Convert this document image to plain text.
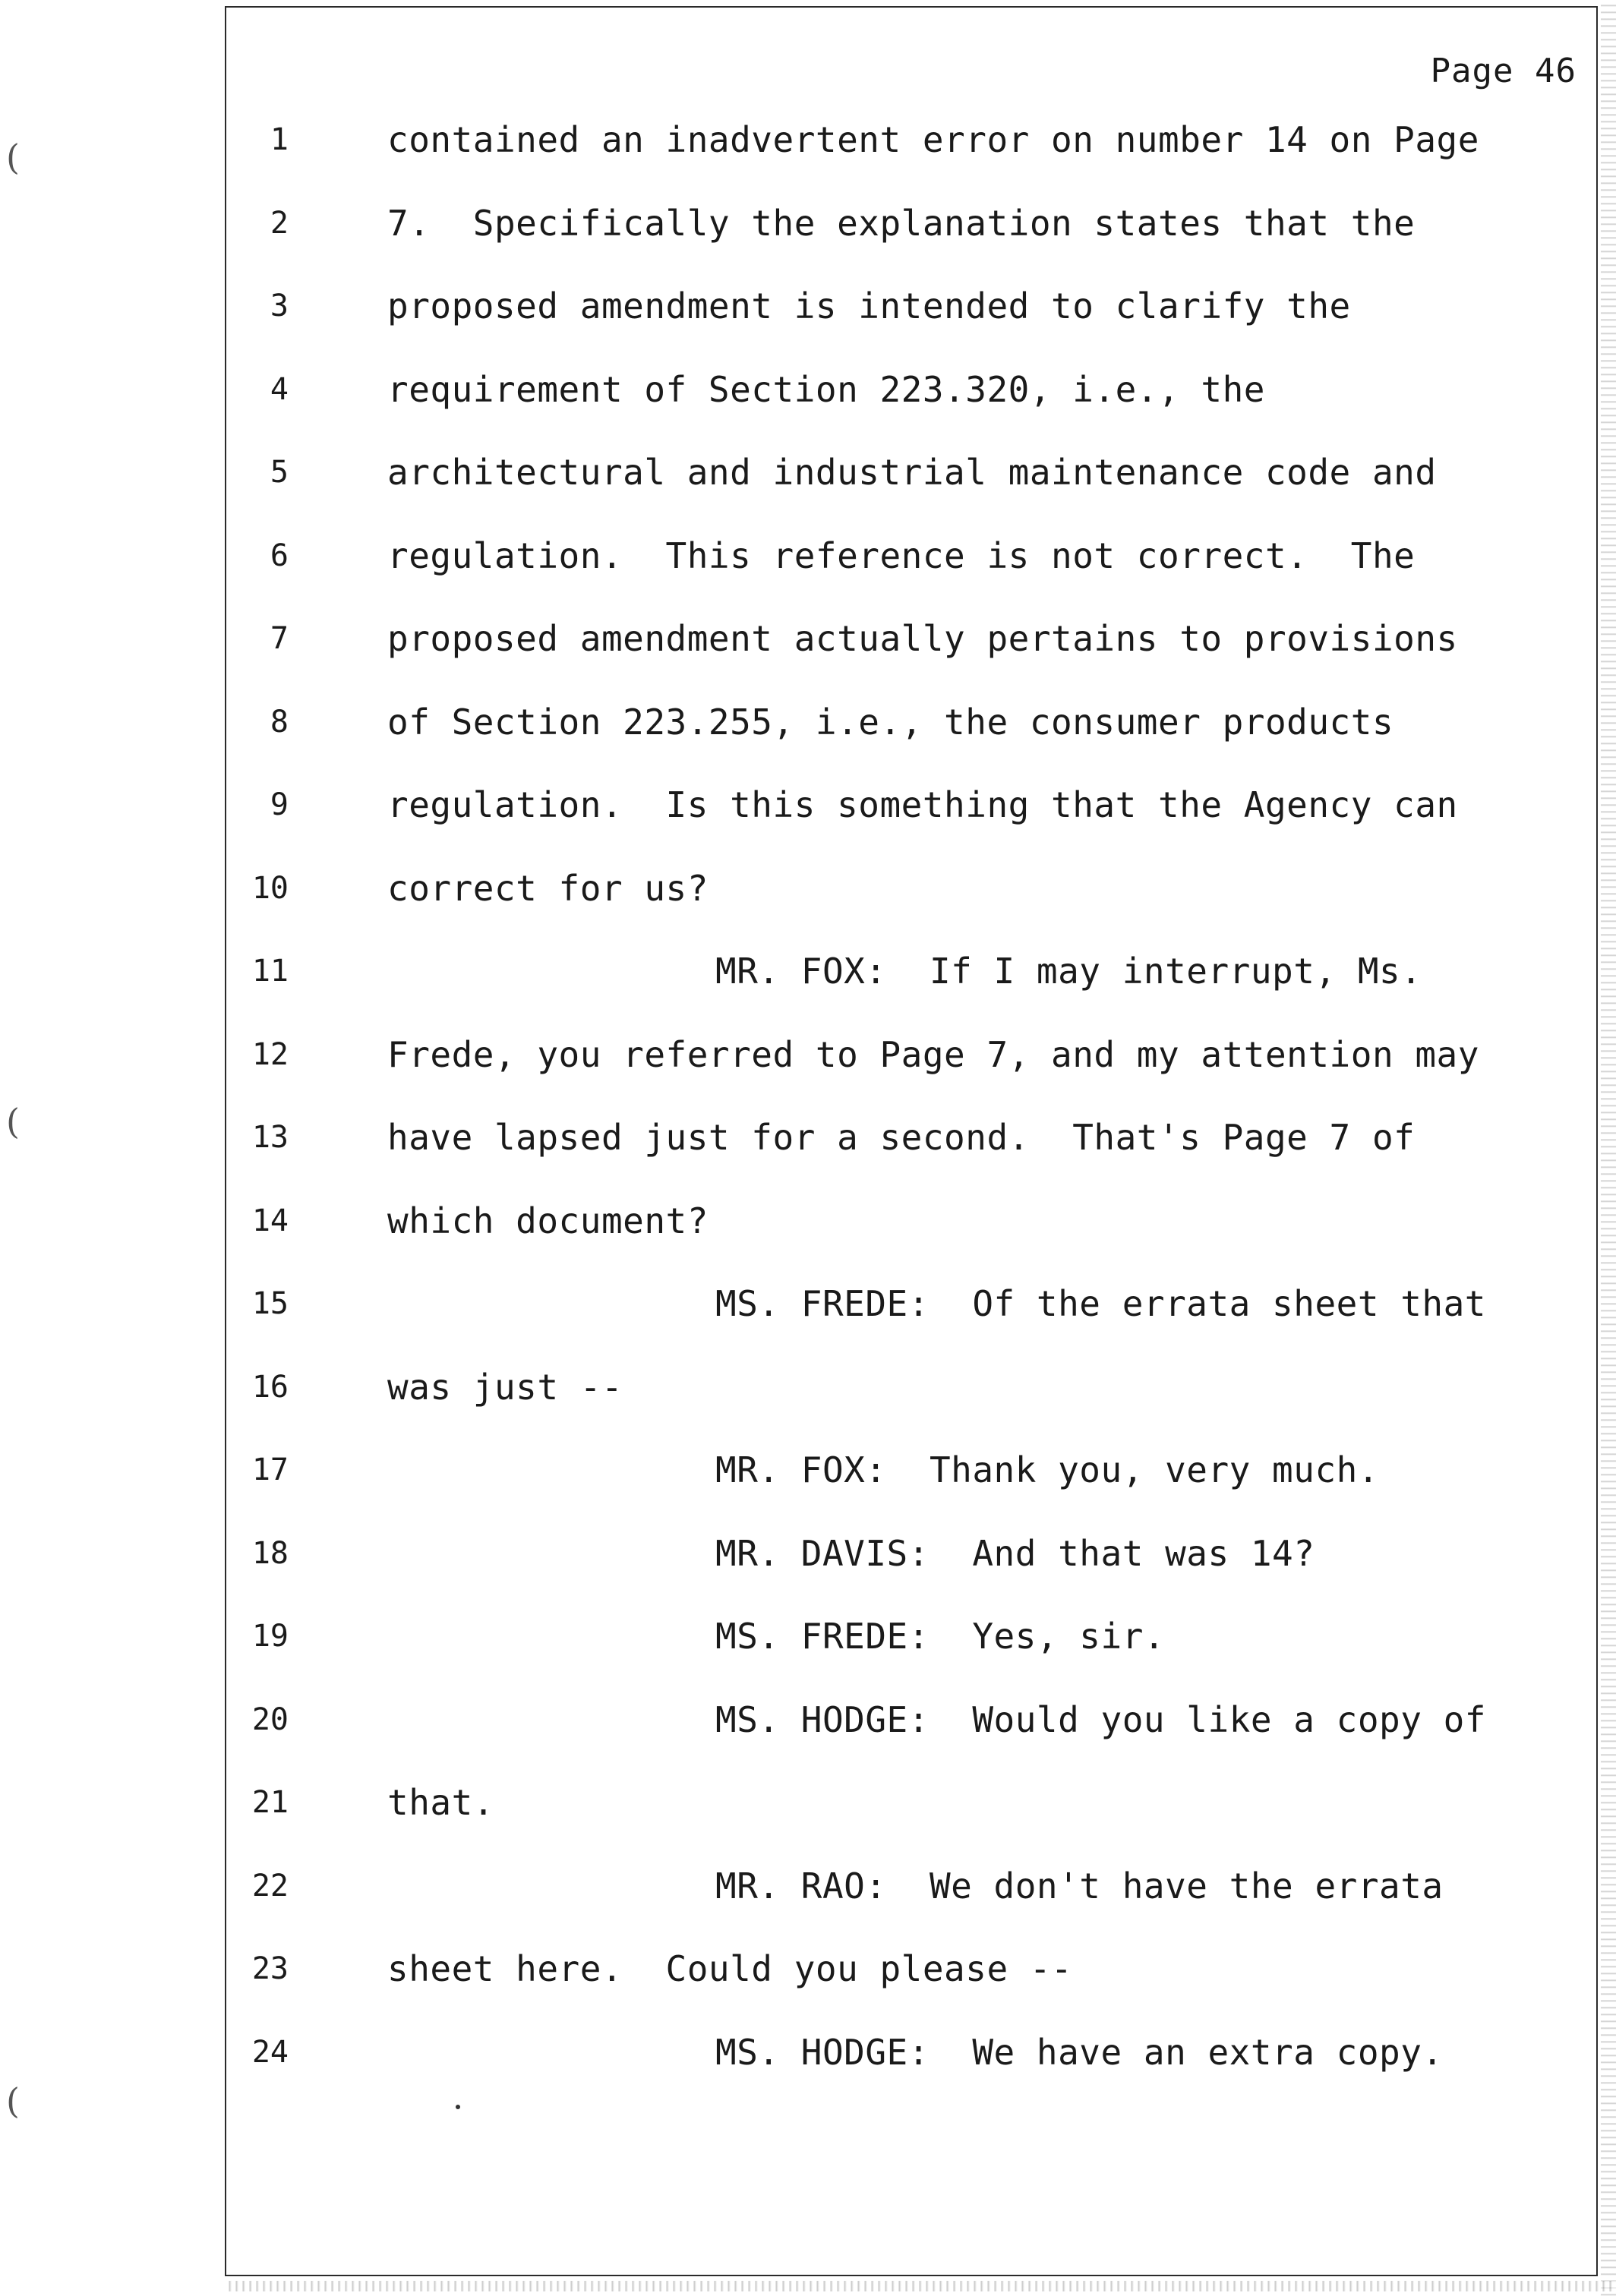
(
(
(
Page 46
1	contained an inadvertent error on number 14 on Page
2	7.  Specifically the explanation states that the
3	proposed amendment is intended to clarify the
4	requirement of Section 223.320, i.e., the
5	architectural and industrial maintenance code and
6	regulation.  This reference is not correct.  The
7	proposed amendment actually pertains to provisions
8	of Section 223.255, i.e., the consumer products
9	regulation.  Is this something that the Agency can
10	correct for us?
11	MR. FOX:  If I may interrupt, Ms.
12	Frede, you referred to Page 7, and my attention may
13	have lapsed just for a second.  That's Page 7 of
14	which document?
15	MS. FREDE:  Of the errata sheet that
16	was just --
17	MR. FOX:  Thank you, very much.
18	MR. DAVIS:  And that was 14?
19	MS. FREDE:  Yes, sir.
20	MS. HODGE:  Would you like a copy of
21	that.
22	MR. RAO:  We don't have the errata
23	sheet here.  Could you please --
24	MS. HODGE:  We have an extra copy.
